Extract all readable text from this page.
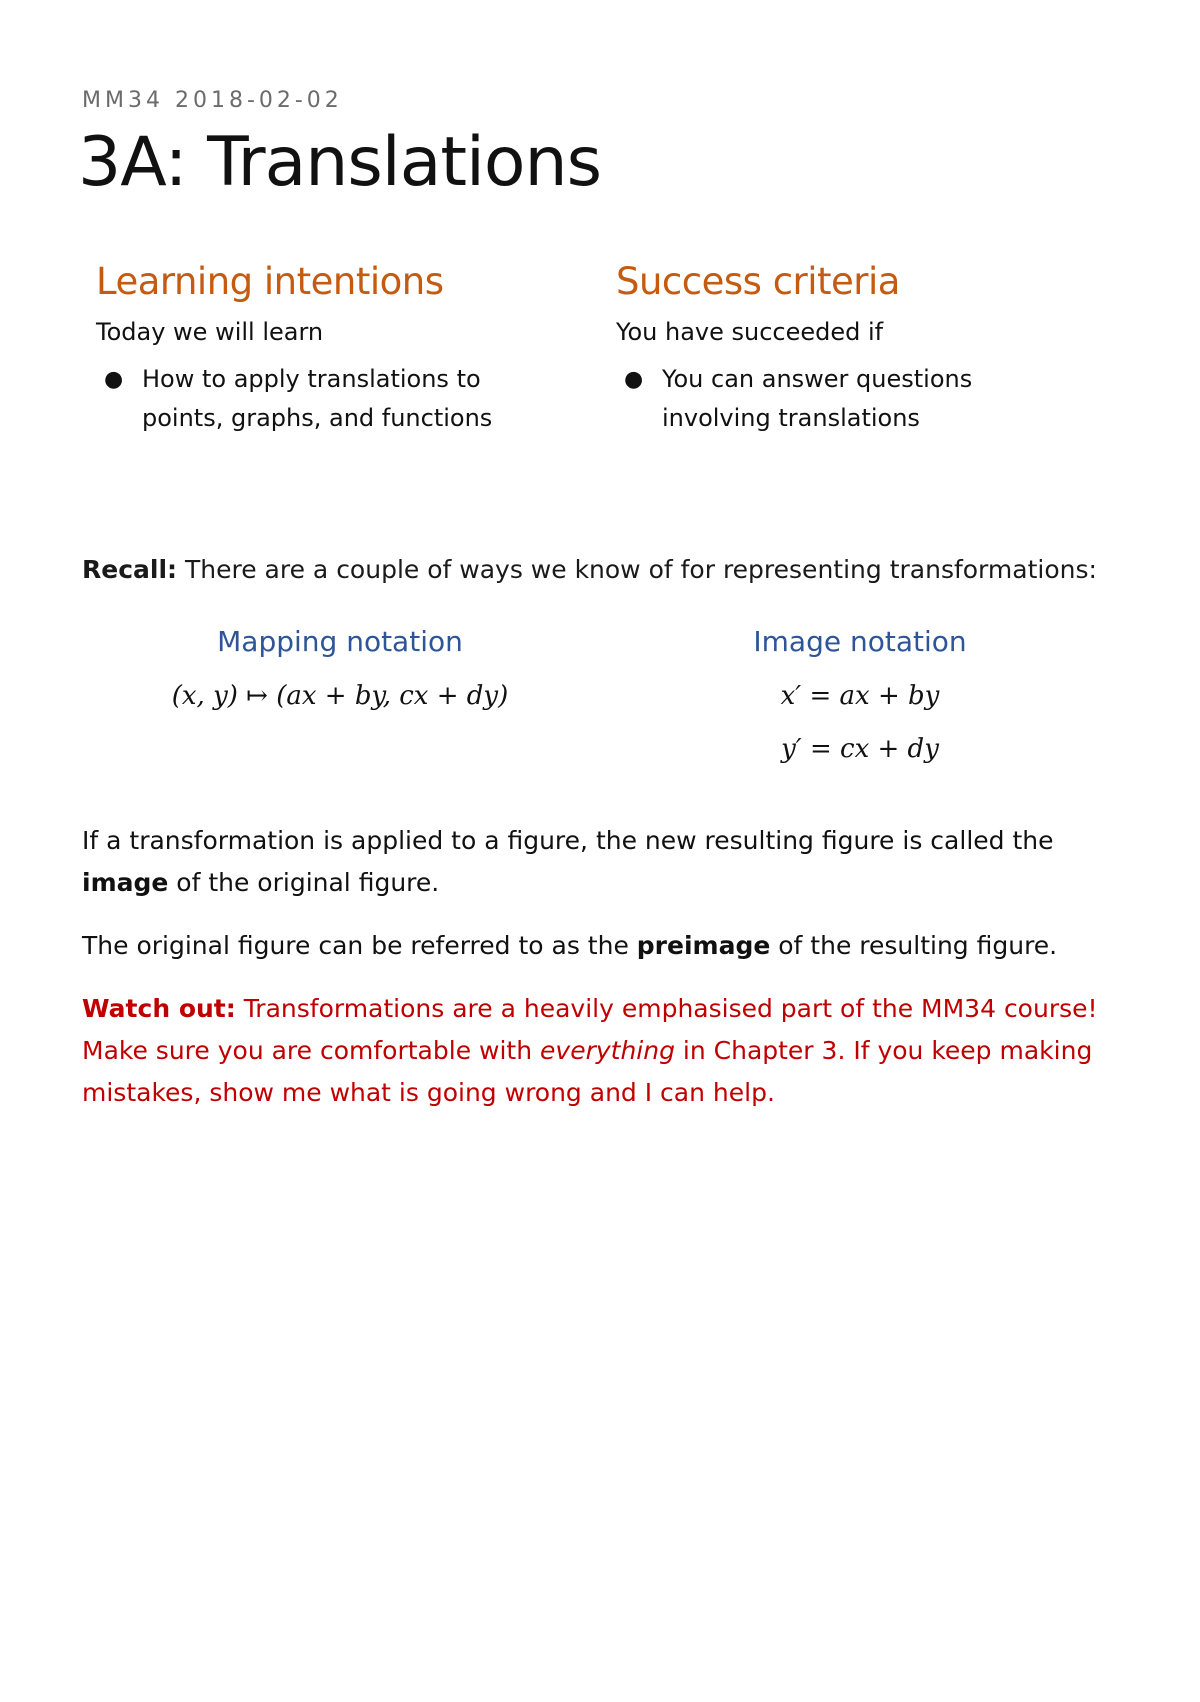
MM34 2018-02-02
3A: Translations
Learning intentions

Today we will learn

● How to apply translations to points, graphs, and functions
Success criteria

You have succeeded if

● You can answer questions involving translations

Recall: There are a couple of ways we know of for representing transformations:

Mapping notation
(x, y) ↦ (ax + by, cx + dy)
Image notation
x′ = ax + by
y′ = cx + dy

If a transformation is applied to a figure, the new resulting figure is called the image of the original figure.

The original figure can be referred to as the preimage of the resulting figure.

Watch out: Transformations are a heavily emphasised part of the MM34 course! Make sure you are comfortable with everything in Chapter 3. If you keep making mistakes, show me what is going wrong and I can help.
